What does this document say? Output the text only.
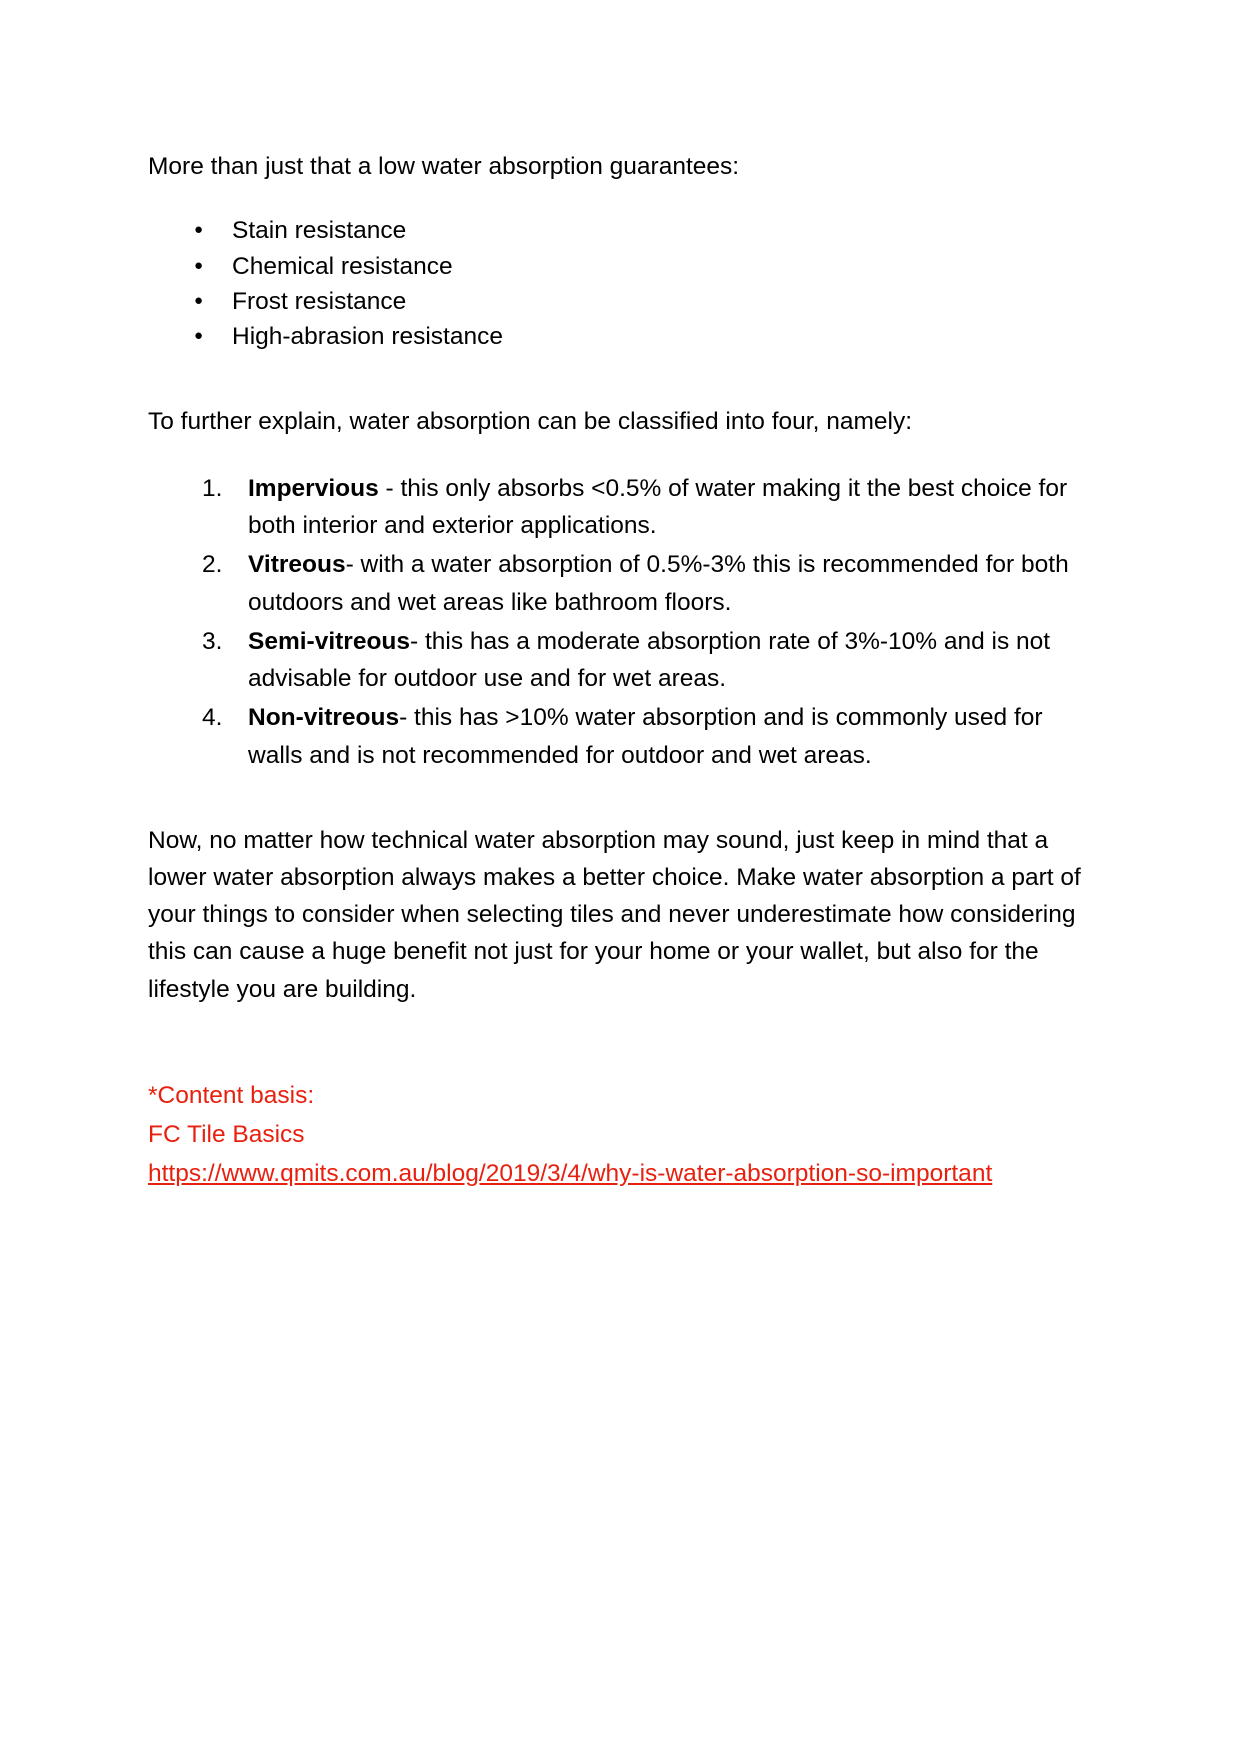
More than just that a low water absorption guarantees:

● Stain resistance
● Chemical resistance
● Frost resistance
● High-abrasion resistance

To further explain, water absorption can be classified into four, namely:

Impervious - this only absorbs <0.5% of water making it the best choice for both interior and exterior applications.
Vitreous- with a water absorption of 0.5%-3% this is recommended for both outdoors and wet areas like bathroom floors.
Semi-vitreous- this has a moderate absorption rate of 3%-10% and is not advisable for outdoor use and for wet areas.
Non-vitreous- this has >10% water absorption and is commonly used for walls and is not recommended for outdoor and wet areas.

Now, no matter how technical water absorption may sound, just keep in mind that a lower water absorption always makes a better choice. Make water absorption a part of your things to consider when selecting tiles and never underestimate how considering this can cause a huge benefit not just for your home or your wallet, but also for the lifestyle you are building.

*Content basis:
FC Tile Basics
https://www.qmits.com.au/blog/2019/3/4/why-is-water-absorption-so-important
